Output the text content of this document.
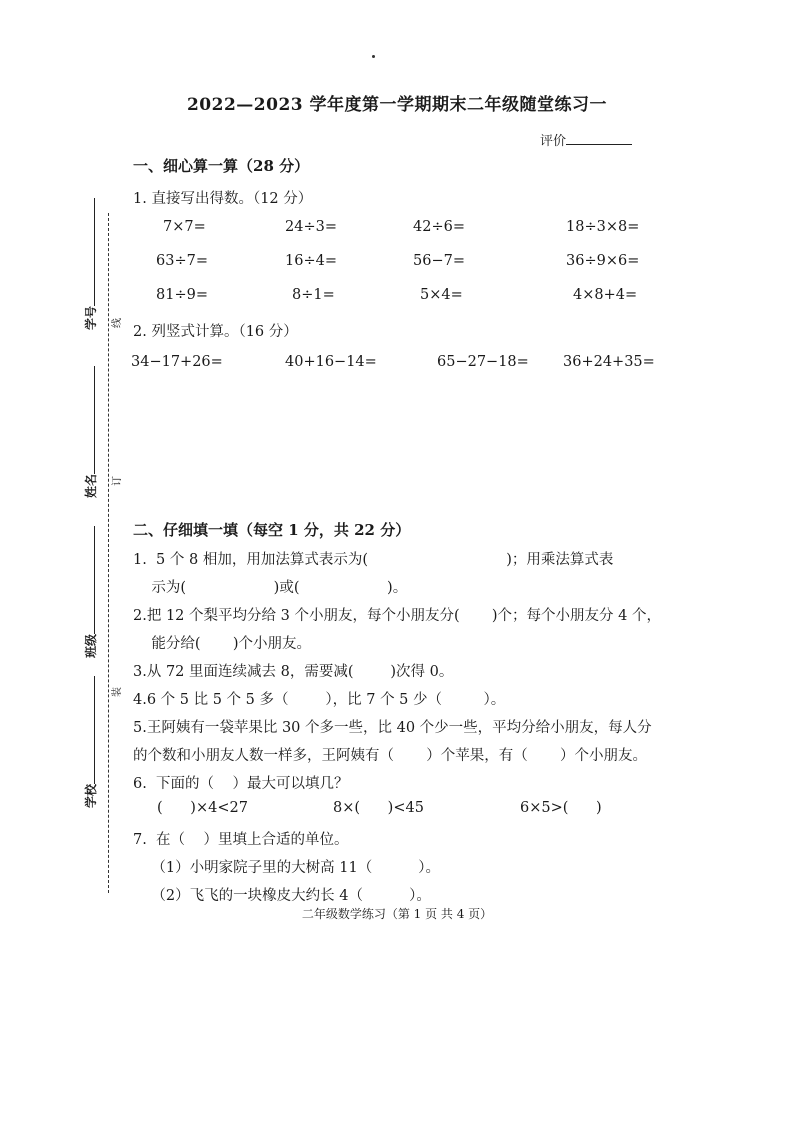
2022—2023 学年度第一学期期末二年级随堂练习一
评价
学号
姓名
班级
学校
线
订
装
一、细心算一算（28 分）
1. 直接写出得数。（12 分）
7×7=	24÷3=	42÷6=	18÷3×8=
63÷7=	16÷4=	56−7=	36÷9×6=
81÷9=	8÷1=	5×4=	4×8+4=
2. 列竖式计算。（16 分）
34−17+26=	40+16−14=	65−27−18= 36+24+35=
二、仔细填一填（每空 1 分，共 22 分）
1.  5 个 8 相加，用加法算式表示为(                              )；用乘法算式表
示为(                   )或(                   )。
2.把 12 个梨平均分给 3 个小朋友，每个小朋友分(       )个；每个小朋友分 4 个，
能分给(       )个小朋友。
3.从 72 里面连续减去 8，需要减(        )次得 0。
4.6 个 5 比 5 个 5 多（        ），比 7 个 5 少（         ）。
5.王阿姨有一袋苹果比 30 个多一些，比 40 个少一些，平均分给小朋友，每人分
的个数和小朋友人数一样多，王阿姨有（       ）个苹果，有（       ）个小朋友。
6.  下面的（    ）最大可以填几？
(      )×4<27	8×(      )<45	6×5>(      )
7.  在（    ）里填上合适的单位。
（1）小明家院子里的大树高 11（          ）。
（2）飞飞的一块橡皮大约长 4（          ）。
二年级数学练习（第 1 页 共 4 页）
